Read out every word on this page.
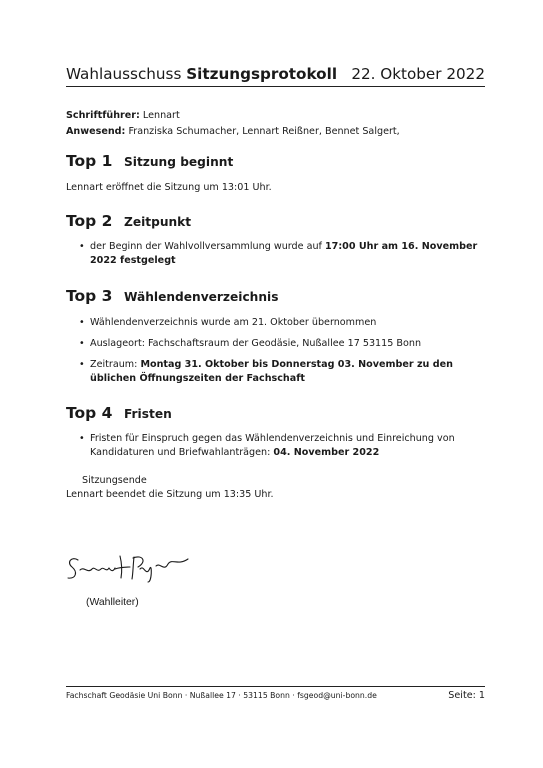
Wahlausschuss Sitzungsprotokoll 22. Oktober 2022
Schriftführer: Lennart
Anwesend: Franziska Schumacher, Lennart Reißner, Bennet Salgert,
Top 1 Sitzung beginnt

Lennart eröffnet die Sitzung um 13:01 Uhr.

Top 2 Zeitpunkt
• der Beginn der Wahlvollversammlung wurde auf 17:00 Uhr am 16. November 2022 festgelegt
Top 3 Wählendenverzeichnis
• Wählendenverzeichnis wurde am 21. Oktober übernommen
• Auslageort: Fachschaftsraum der Geodäsie, Nußallee 17 53115 Bonn
• Zeitraum: Montag 31. Oktober bis Donnerstag 03. November zu den üblichen Öffnungszeiten der Fachschaft
Top 4 Fristen
• Fristen für Einspruch gegen das Wählendenverzeichnis und Einreichung von Kandidaturen und Briefwahlanträgen: 04. November 2022
Sitzungsende
Lennart beendet die Sitzung um 13:35 Uhr.
(Wahlleiter)
Fachschaft Geodäsie Uni Bonn · Nußallee 17 · 53115 Bonn · fsgeod@uni-bonn.de	Seite: 1
